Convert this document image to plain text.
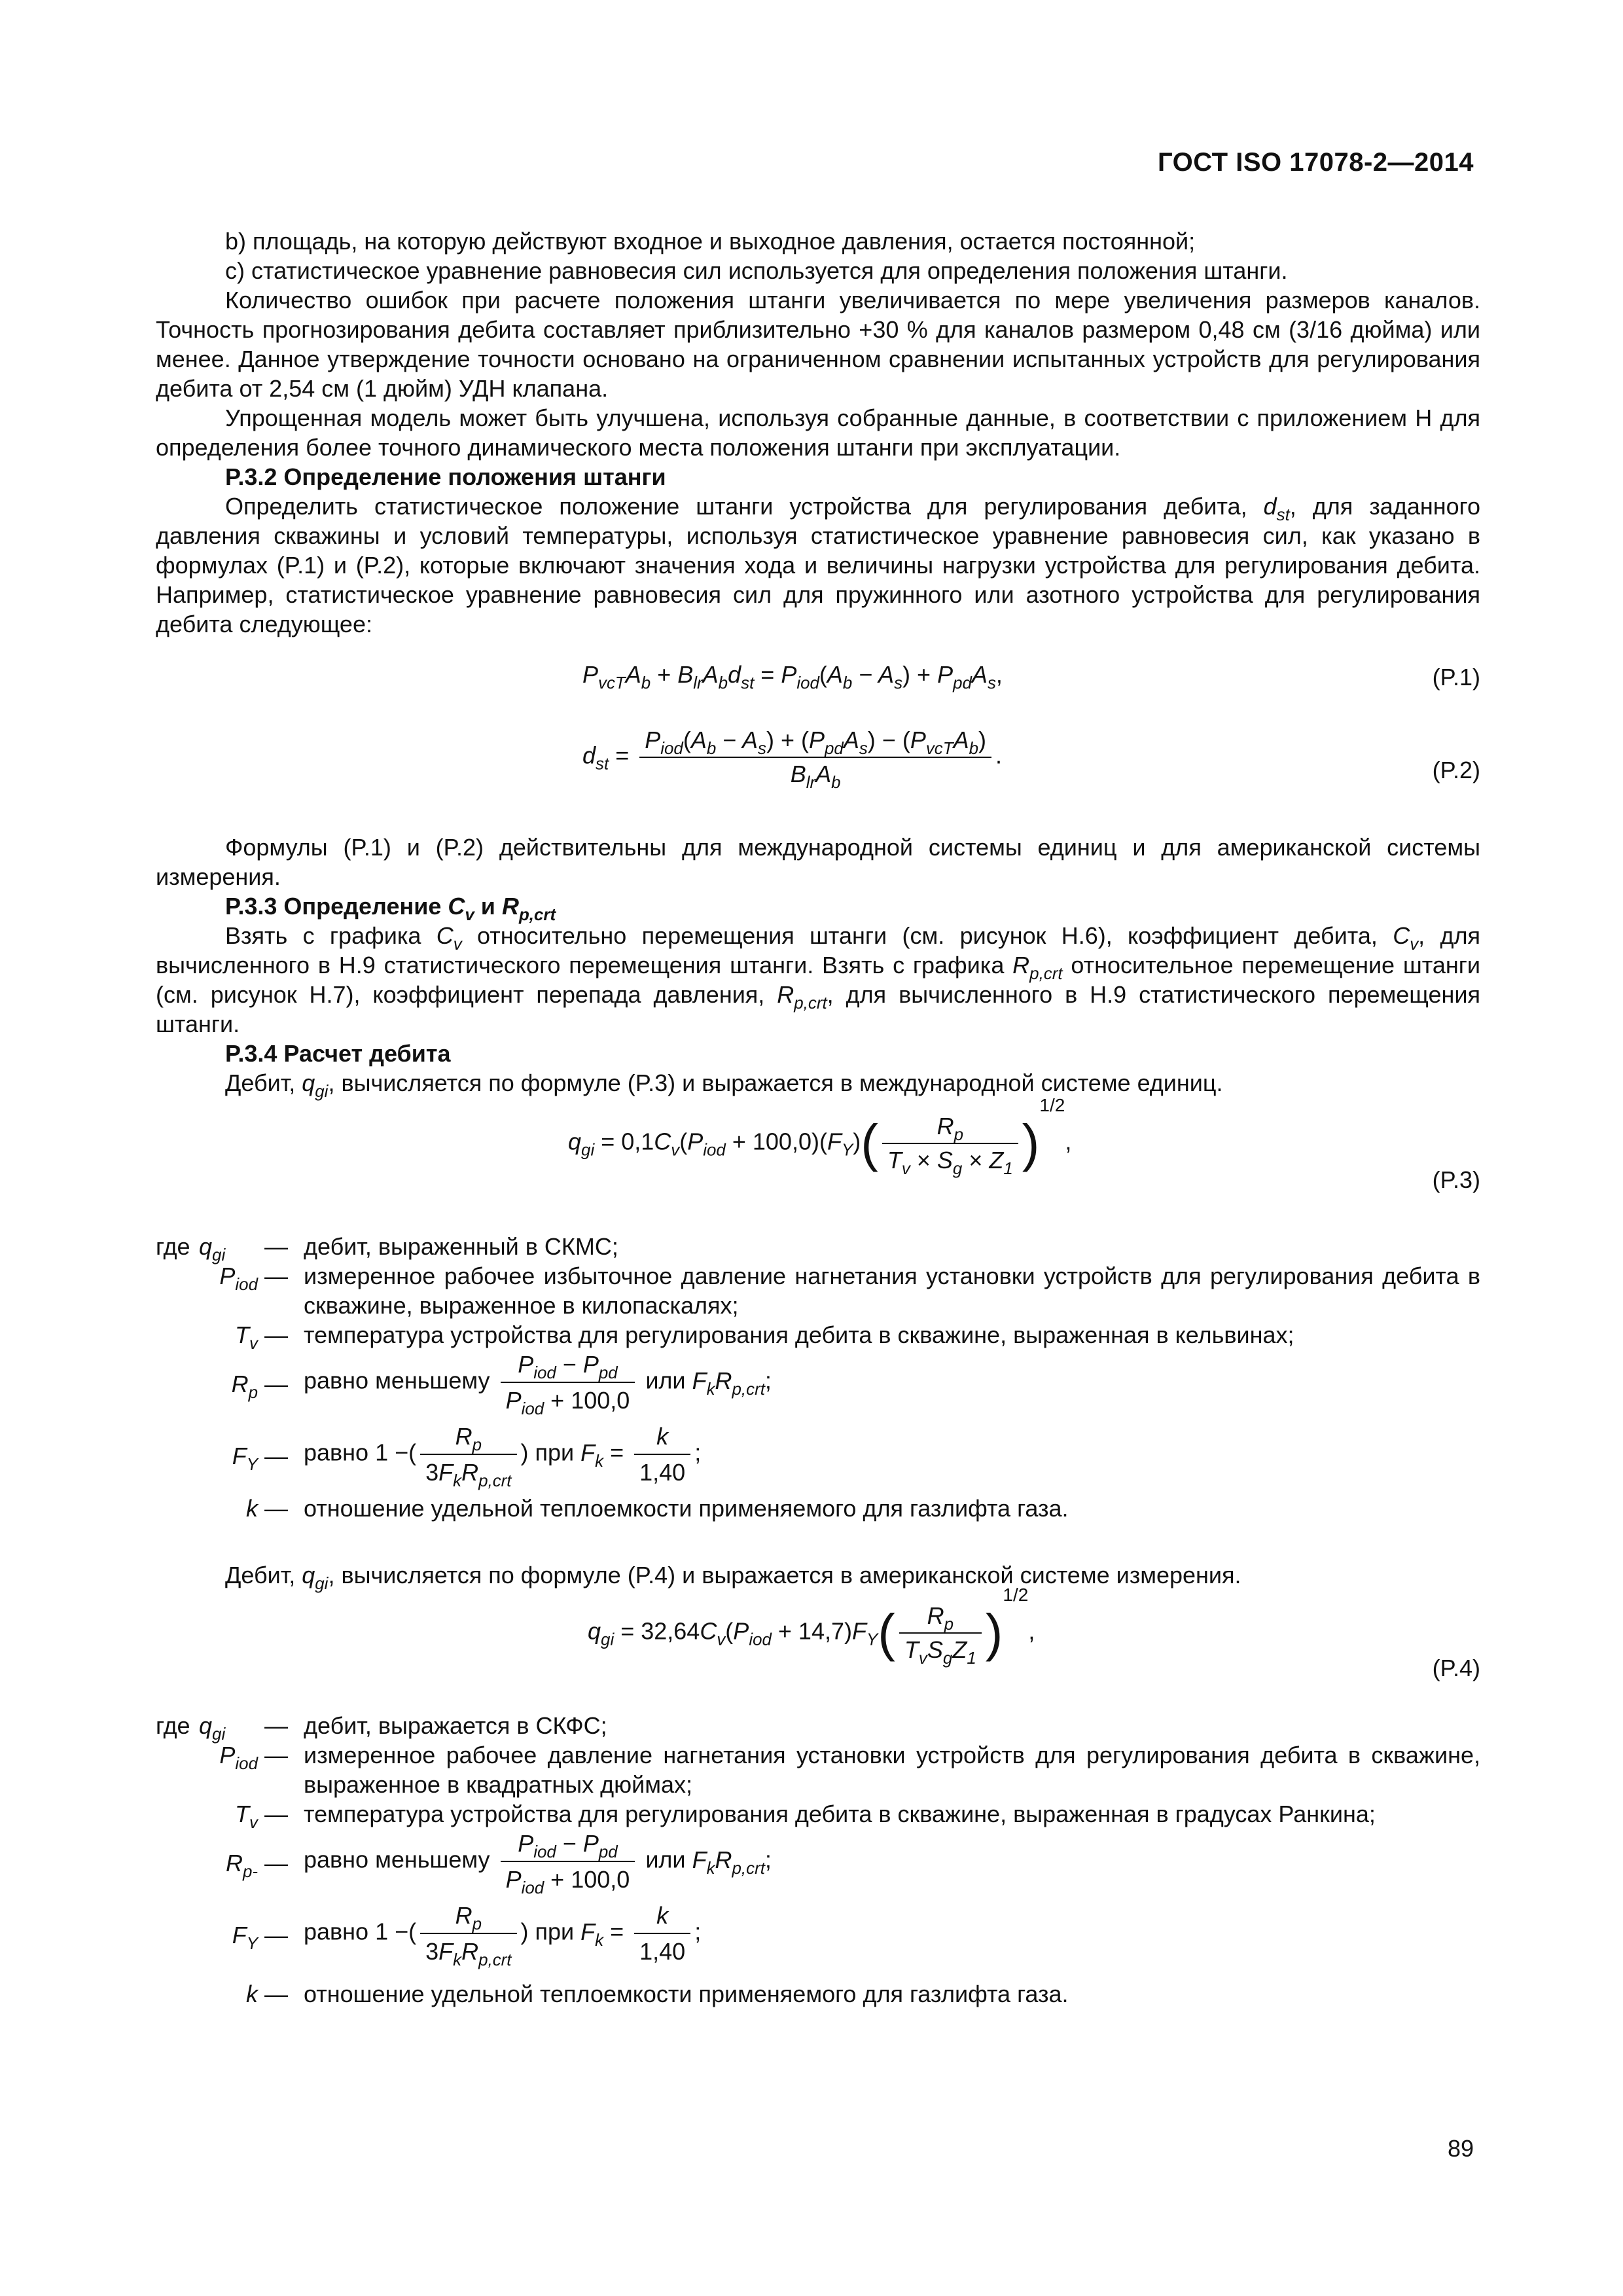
ГОСТ ISO 17078-2—2014
b) площадь, на которую действуют входное и выходное давления, остается постоянной;
c) статистическое уравнение равновесия сил используется для определения положения штанги.
Количество ошибок при расчете положения штанги увеличивается по мере увеличения размеров каналов. Точность прогнозирования дебита составляет приблизительно +30 % для каналов размером 0,48 см (3/16 дюйма) или менее. Данное утверждение точности основано на ограниченном сравнении испытанных устройств для регулирования дебита от 2,54 см (1 дюйм) УДН клапана.
Упрощенная модель может быть улучшена, используя собранные данные, в соответствии с приложением H для определения более точного динамического места положения штанги при эксплуатации.
P.3.2 Определение положения штанги
Определить статистическое положение штанги устройства для регулирования дебита, $d_{st}$, для заданного давления скважины и условий температуры, используя статистическое уравнение равновесия сил, как указано в формулах (P.1) и (P.2), которые включают значения хода и величины нагрузки устройства для регулирования дебита. Например, статистическое уравнение равновесия сил для пружинного или азотного устройства для регулирования дебита следующее:
$P_{vcT}A_b + B_{lr}A_bd_{st} = P_{iod}(A_b - A_s) + P_{pd}A_s$,	(P.1)
$d_{st} = \frac{P_{iod}(A_b - A_s) + (P_{pd}A_s) - (P_{vcT}A_b)}{B_{lr}A_b}$ .
(P.2)
Формулы (P.1) и (P.2) действительны для международной системы единиц и для американской системы измерения.
P.3.3 Определение $C_v$ и $R_{p,crt}$
Взять с графика $C_v$ относительно перемещения штанги (см. рисунок H.6), коэффициент дебита, $C_v$, для вычисленного в H.9 статистического перемещения штанги. Взять с графика $R_{p,crt}$ относительное перемещение штанги (см. рисунок H.7), коэффициент перепада давления, $R_{p,crt}$, для вычисленного в H.9 статистического перемещения штанги.
P.3.4 Расчет дебита
Дебит, $q_{gi}$, вычисляется по формуле (P.3) и выражается в международной системе единиц.
$q_{gi} = 0,1C_v(P_{iod} + 100,0)(F_Y)( \frac{R_p}{T_v \times S_g \times Z_1} )^{1/2}$,
(P.3)
где $q_{gi}$	— дебит, выраженный в СКМС;
$P_{iod}$ — измеренное рабочее избыточное давление нагнетания установки устройств для регулирования дебита в скважине, выраженное в килопаскалях;
$T_v$ — температура устройства для регулирования дебита в скважине, выраженная в кельвинах;
$R_p$ — равно меньшему $\frac{P_{iod} - P_{pd}}{P_{iod} + 100,0}$ или $F_kR_{p,crt}$;
$F_Y$ — равно 1 −( $\frac{R_p}{3F_kR_{p,crt}}$ ) при $F_k = \frac{k}{1,40}$ ;
k — отношение удельной теплоемкости применяемого для газлифта газа.
Дебит, $q_{gi}$, вычисляется по формуле (P.4) и выражается в американской системе измерения.
$q_{gi} = 32,64C_v(P_{iod} + 14,7)F_Y( \frac{R_p}{T_vS_gZ_1} )^{1/2}$,
(P.4)
где $q_{gi}$	— дебит, выражается в СКФС;
$P_{iod}$ — измеренное рабочее давление нагнетания установки устройств для регулирования дебита в скважине, выраженное в квадратных дюймах;
$T_v$ — температура устройства для регулирования дебита в скважине, выраженная в градусах Ранкина;
$R_{p-}$ — равно меньшему $\frac{P_{iod} - P_{pd}}{P_{iod} + 100,0}$ или $F_kR_{p,crt}$;
$F_Y$ — равно 1 −( $\frac{R_p}{3F_kR_{p,crt}}$ ) при $F_k = \frac{k}{1,40}$ ;
k — отношение удельной теплоемкости применяемого для газлифта газа.
89
